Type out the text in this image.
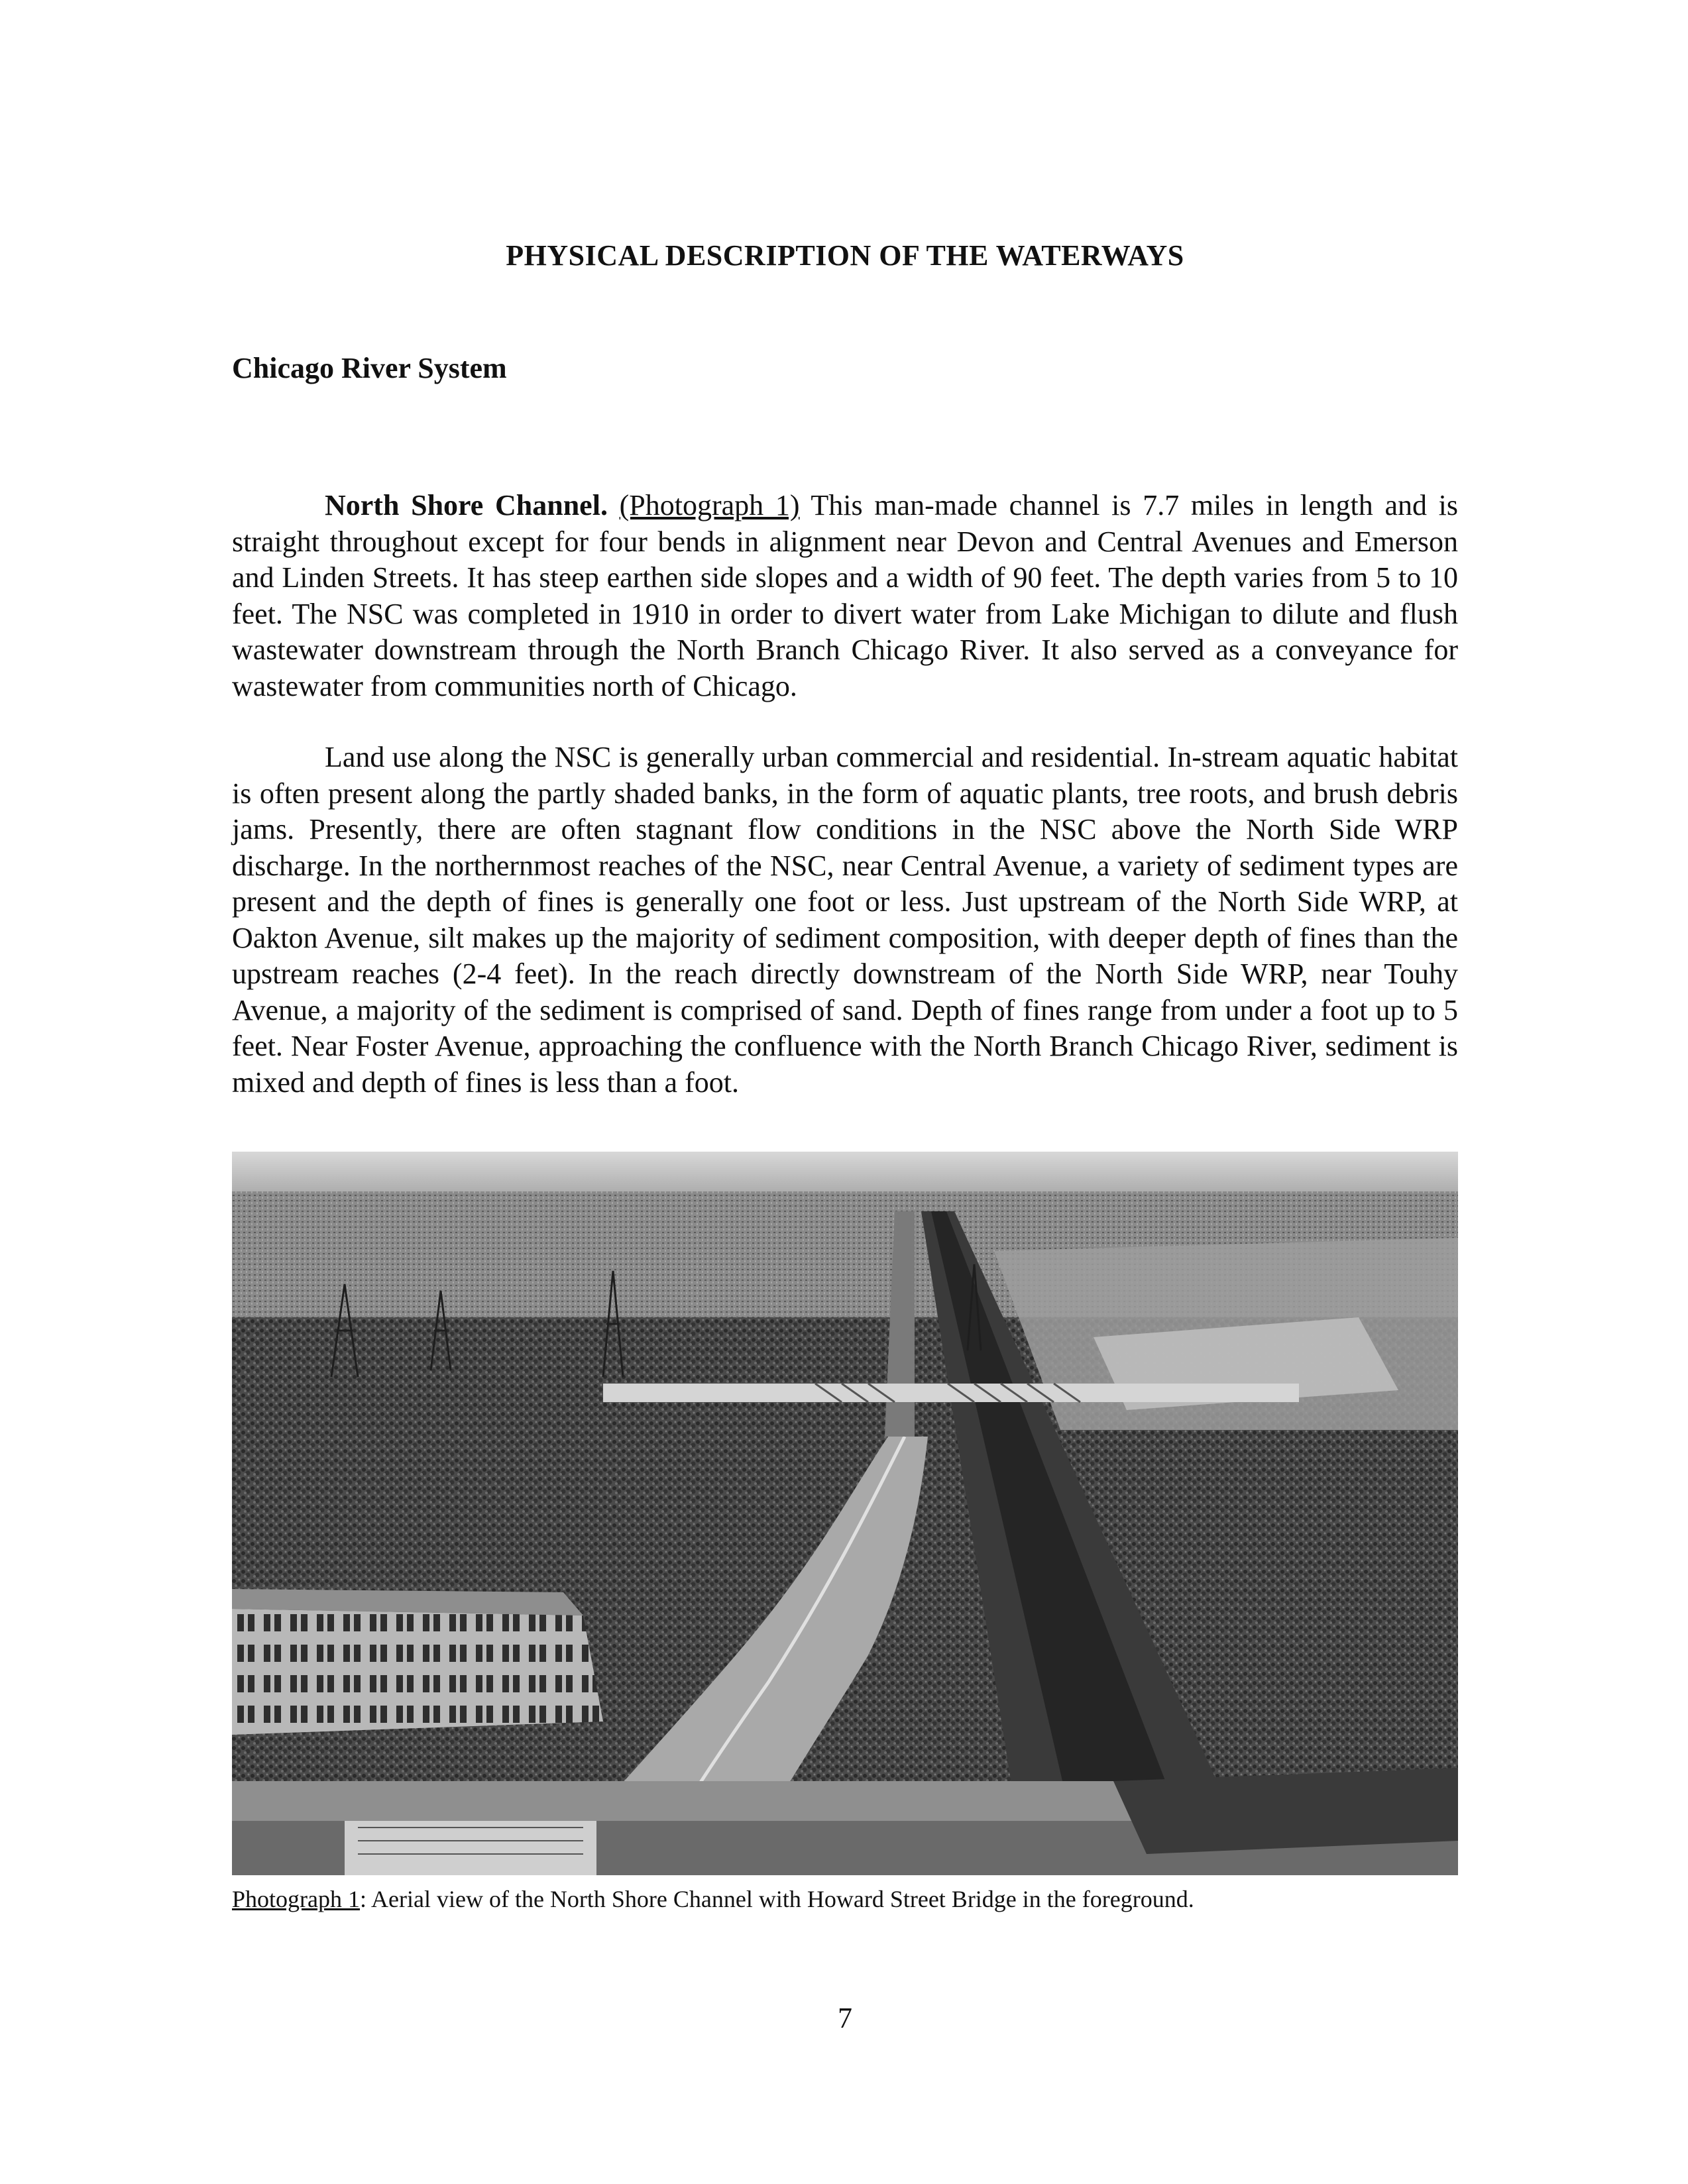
PHYSICAL DESCRIPTION OF THE WATERWAYS
Chicago River System

North Shore Channel. (Photograph 1) This man-made channel is 7.7 miles in length and is straight throughout except for four bends in alignment near Devon and Central Avenues and Emerson and Linden Streets. It has steep earthen side slopes and a width of 90 feet. The depth varies from 5 to 10 feet. The NSC was completed in 1910 in order to divert water from Lake Michigan to dilute and flush wastewater downstream through the North Branch Chicago River. It also served as a conveyance for wastewater from communities north of Chicago.

Land use along the NSC is generally urban commercial and residential. In-stream aquatic habitat is often present along the partly shaded banks, in the form of aquatic plants, tree roots, and brush debris jams. Presently, there are often stagnant flow conditions in the NSC above the North Side WRP discharge. In the northernmost reaches of the NSC, near Central Avenue, a variety of sediment types are present and the depth of fines is generally one foot or less. Just upstream of the North Side WRP, at Oakton Avenue, silt makes up the majority of sediment composition, with deeper depth of fines than the upstream reaches (2-4 feet). In the reach directly downstream of the North Side WRP, near Touhy Avenue, a majority of the sediment is comprised of sand. Depth of fines range from under a foot up to 5 feet. Near Foster Avenue, approaching the confluence with the North Branch Chicago River, sediment is mixed and depth of fines is less than a foot.

Photograph 1: Aerial view of the North Shore Channel with Howard Street Bridge in the foreground.
7
